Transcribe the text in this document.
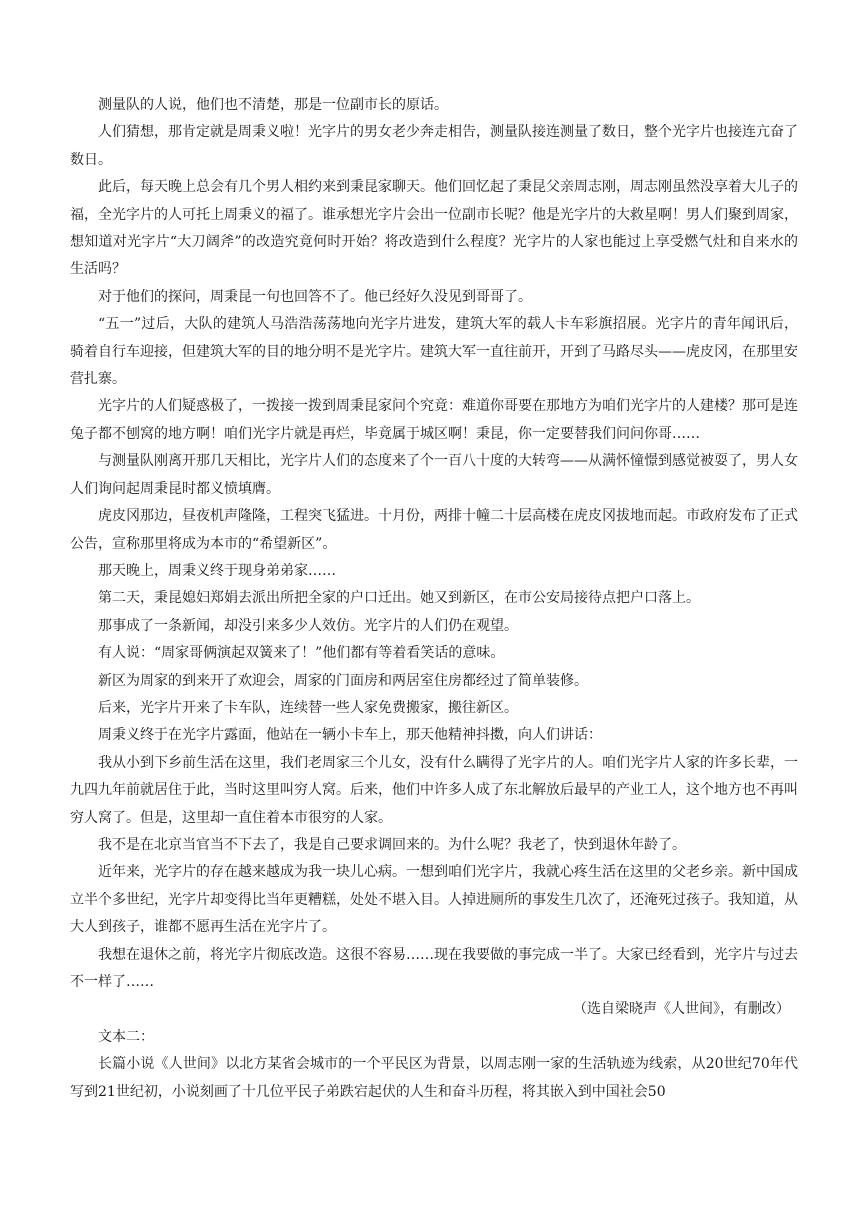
测量队的人说，他们也不清楚，那是一位副市长的原话。

人们猜想，那肯定就是周秉义啦！光字片的男女老少奔走相告，测量队接连测量了数日，整个光字片也接连亢奋了数日。

此后，每天晚上总会有几个男人相约来到秉昆家聊天。他们回忆起了秉昆父亲周志刚，周志刚虽然没享着大儿子的福，全光字片的人可托上周秉义的福了。谁承想光字片会出一位副市长呢？他是光字片的大救星啊！男人们聚到周家，想知道对光字片“大刀阔斧”的改造究竟何时开始？将改造到什么程度？光字片的人家也能过上享受燃气灶和自来水的生活吗？

对于他们的探问，周秉昆一句也回答不了。他已经好久没见到哥哥了。

“五一”过后，大队的建筑人马浩浩荡荡地向光字片进发，建筑大军的载人卡车彩旗招展。光字片的青年闻讯后，骑着自行车迎接，但建筑大军的目的地分明不是光字片。建筑大军一直往前开，开到了马路尽头——虎皮冈，在那里安营扎寨。

光字片的人们疑惑极了，一拨接一拨到周秉昆家问个究竟：难道你哥要在那地方为咱们光字片的人建楼？那可是连兔子都不刨窝的地方啊！咱们光字片就是再烂，毕竟属于城区啊！秉昆，你一定要替我们问问你哥……

与测量队刚离开那几天相比，光字片人们的态度来了个一百八十度的大转弯——从满怀憧憬到感觉被耍了，男人女人们询问起周秉昆时都义愤填膺。

虎皮冈那边，昼夜机声隆隆，工程突飞猛进。十月份，两排十幢二十层高楼在虎皮冈拔地而起。市政府发布了正式公告，宣称那里将成为本市的“希望新区”。

那天晚上，周秉义终于现身弟弟家……

第二天，秉昆媳妇郑娟去派出所把全家的户口迁出。她又到新区，在市公安局接待点把户口落上。

那事成了一条新闻，却没引来多少人效仿。光字片的人们仍在观望。

有人说：“周家哥俩演起双簧来了！”他们都有等着看笑话的意味。

新区为周家的到来开了欢迎会，周家的门面房和两居室住房都经过了简单装修。

后来，光字片开来了卡车队，连续替一些人家免费搬家，搬往新区。

周秉义终于在光字片露面，他站在一辆小卡车上，那天他精神抖擞，向人们讲话：

我从小到下乡前生活在这里，我们老周家三个儿女，没有什么瞒得了光字片的人。咱们光字片人家的许多长辈，一九四九年前就居住于此，当时这里叫穷人窝。后来，他们中许多人成了东北解放后最早的产业工人，这个地方也不再叫穷人窝了。但是，这里却一直住着本市很穷的人家。

我不是在北京当官当不下去了，我是自己要求调回来的。为什么呢？我老了，快到退休年龄了。

近年来，光字片的存在越来越成为我一块儿心病。一想到咱们光字片，我就心疼生活在这里的父老乡亲。新中国成立半个多世纪，光字片却变得比当年更糟糕，处处不堪入目。人掉进厕所的事发生几次了，还淹死过孩子。我知道，从大人到孩子，谁都不愿再生活在光字片了。

我想在退休之前，将光字片彻底改造。这很不容易……现在我要做的事完成一半了。大家已经看到，光字片与过去不一样了……

（选自梁晓声《人世间》，有删改）

文本二：

长篇小说《人世间》以北方某省会城市的一个平民区为背景，以周志刚一家的生活轨迹为线索，从20世纪70年代写到21世纪初，小说刻画了十几位平民子弟跌宕起伏的人生和奋斗历程，将其嵌入到中国社会50
